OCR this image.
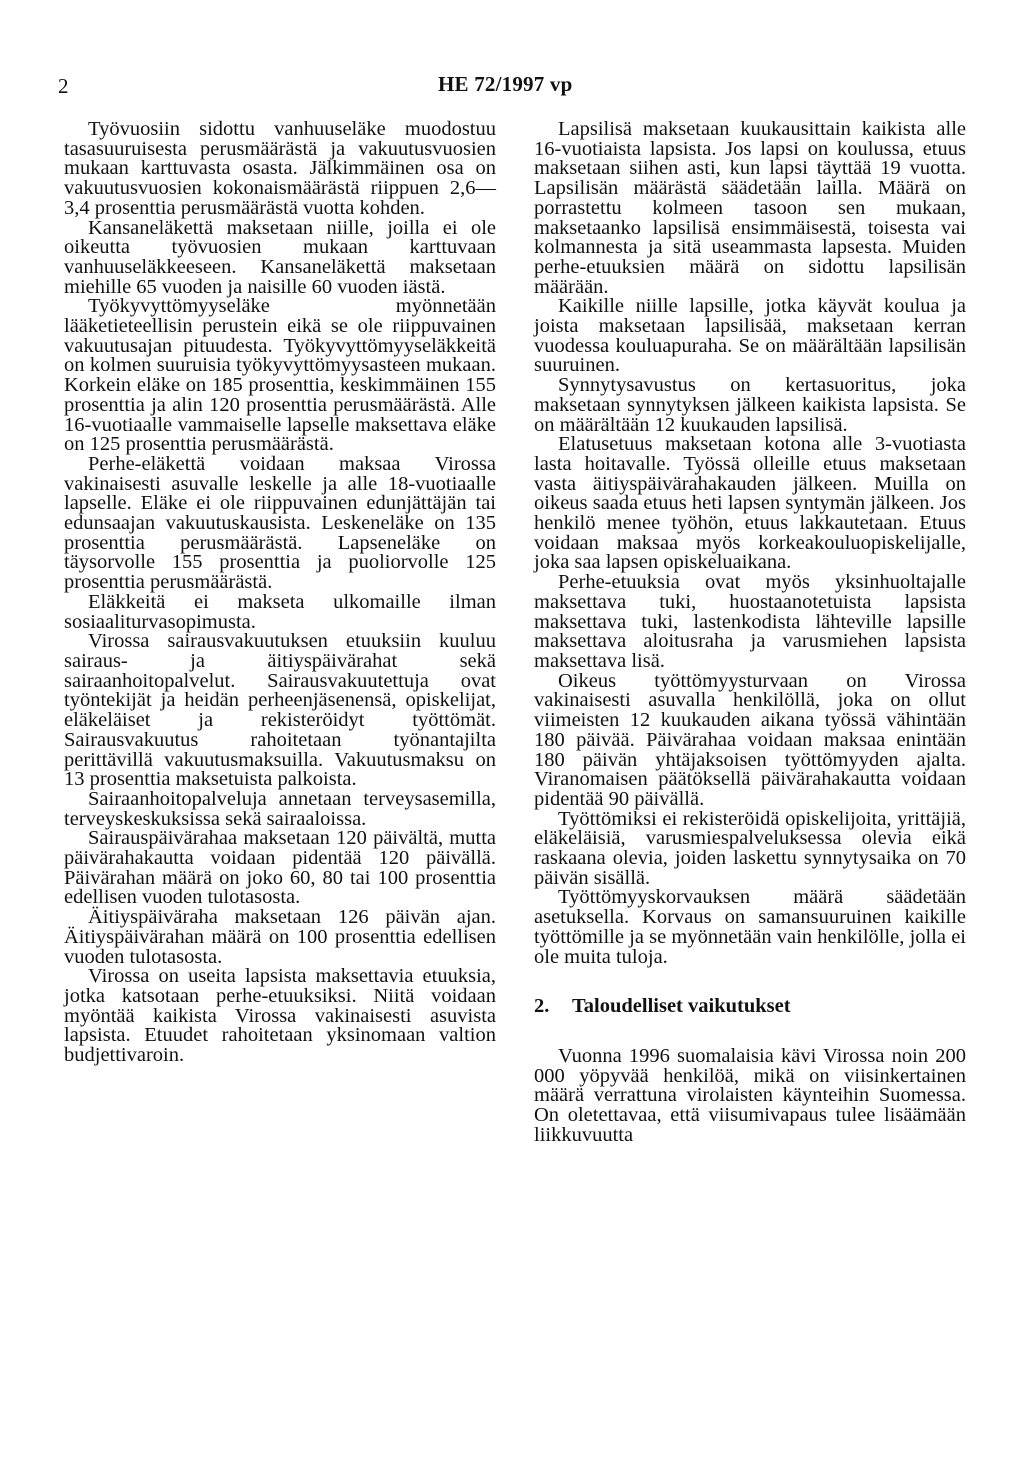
2	HE 72/1997 vp

Työvuosiin sidottu vanhuuseläke muodostuu tasasuuruisesta perusmäärästä ja vakuutusvuosien mukaan karttuvasta osasta. Jälkimmäinen osa on vakuutusvuosien kokonaismäärästä riippuen 2,6—3,4 prosenttia perusmäärästä vuotta kohden.

Kansaneläkettä maksetaan niille, joilla ei ole oikeutta työvuosien mukaan karttuvaan vanhuuseläkkeeseen. Kansaneläkettä maksetaan miehille 65 vuoden ja naisille 60 vuoden iästä.

Työkyvyttömyyseläke myönnetään lääketieteellisin perustein eikä se ole riippuvainen vakuutusajan pituudesta. Työkyvyttömyyseläkkeitä on kolmen suuruisia työkyvyttömyysasteen mukaan. Korkein eläke on 185 prosenttia, keskimmäinen 155 prosenttia ja alin 120 prosenttia perusmäärästä. Alle 16-vuotiaalle vammaiselle lapselle maksettava eläke on 125 prosenttia perusmäärästä.

Perhe-eläkettä voidaan maksaa Virossa vakinaisesti asuvalle leskelle ja alle 18-vuotiaalle lapselle. Eläke ei ole riippuvainen edunjättäjän tai edunsaajan vakuutuskausista. Leskeneläke on 135 prosenttia perusmäärästä. Lapseneläke on täysorvolle 155 prosenttia ja puoliorvolle 125 prosenttia perusmäärästä.

Eläkkeitä ei makseta ulkomaille ilman sosiaaliturvasopimusta.

Virossa sairausvakuutuksen etuuksiin kuuluu sairaus- ja äitiyspäivärahat sekä sairaanhoitopalvelut. Sairausvakuutettuja ovat työntekijät ja heidän perheenjäsenensä, opiskelijat, eläkeläiset ja rekisteröidyt työttömät. Sairausvakuutus rahoitetaan työnantajilta perittävillä vakuutusmaksuilla. Vakuutusmaksu on 13 prosenttia maksetuista palkoista.

Sairaanhoitopalveluja annetaan terveysasemilla, terveyskeskuksissa sekä sairaaloissa.

Sairauspäivärahaa maksetaan 120 päivältä, mutta päivärahakautta voidaan pidentää 120 päivällä. Päivärahan määrä on joko 60, 80 tai 100 prosenttia edellisen vuoden tulotasosta.

Äitiyspäiväraha maksetaan 126 päivän ajan. Äitiyspäivärahan määrä on 100 prosenttia edellisen vuoden tulotasosta.

Virossa on useita lapsista maksettavia etuuksia, jotka katsotaan perhe-etuuksiksi. Niitä voidaan myöntää kaikista Virossa vakinaisesti asuvista lapsista. Etuudet rahoitetaan yksinomaan valtion budjettivaroin.

Lapsilisä maksetaan kuukausittain kaikista alle 16-vuotiaista lapsista. Jos lapsi on koulussa, etuus maksetaan siihen asti, kun lapsi täyttää 19 vuotta. Lapsilisän määrästä säädetään lailla. Määrä on porrastettu kolmeen tasoon sen mukaan, maksetaanko lapsilisä ensimmäisestä, toisesta vai kolmannesta ja sitä useammasta lapsesta. Muiden perhe-etuuksien määrä on sidottu lapsilisän määrään.

Kaikille niille lapsille, jotka käyvät koulua ja joista maksetaan lapsilisää, maksetaan kerran vuodessa kouluapuraha. Se on määrältään lapsilisän suuruinen.

Synnytysavustus on kertasuoritus, joka maksetaan synnytyksen jälkeen kaikista lapsista. Se on määrältään 12 kuukauden lapsilisä.

Elatusetuus maksetaan kotona alle 3-vuotiasta lasta hoitavalle. Työssä olleille etuus maksetaan vasta äitiyspäivärahakauden jälkeen. Muilla on oikeus saada etuus heti lapsen syntymän jälkeen. Jos henkilö menee työhön, etuus lakkautetaan. Etuus voidaan maksaa myös korkeakouluopiskelijalle, joka saa lapsen opiskeluaikana.

Perhe-etuuksia ovat myös yksinhuoltajalle maksettava tuki, huostaanotetuista lapsista maksettava tuki, lastenkodista lähteville lapsille maksettava aloitusraha ja varusmiehen lapsista maksettava lisä.

Oikeus työttömyysturvaan on Virossa vakinaisesti asuvalla henkilöllä, joka on ollut viimeisten 12 kuukauden aikana työssä vähintään 180 päivää. Päivärahaa voidaan maksaa enintään 180 päivän yhtäjaksoisen työttömyyden ajalta. Viranomaisen päätöksellä päivärahakautta voidaan pidentää 90 päivällä.

Työttömiksi ei rekisteröidä opiskelijoita, yrittäjiä, eläkeläisiä, varusmiespalveluksessa olevia eikä raskaana olevia, joiden laskettu synnytysaika on 70 päivän sisällä.

Työttömyyskorvauksen määrä säädetään asetuksella. Korvaus on samansuuruinen kaikille työttömille ja se myönnetään vain henkilölle, jolla ei ole muita tuloja.

2. Taloudelliset vaikutukset

Vuonna 1996 suomalaisia kävi Virossa noin 200 000 yöpyvää henkilöä, mikä on viisinkertainen määrä verrattuna virolaisten käynteihin Suomessa. On oletettavaa, että viisumivapaus tulee lisäämään liikkuvuutta
